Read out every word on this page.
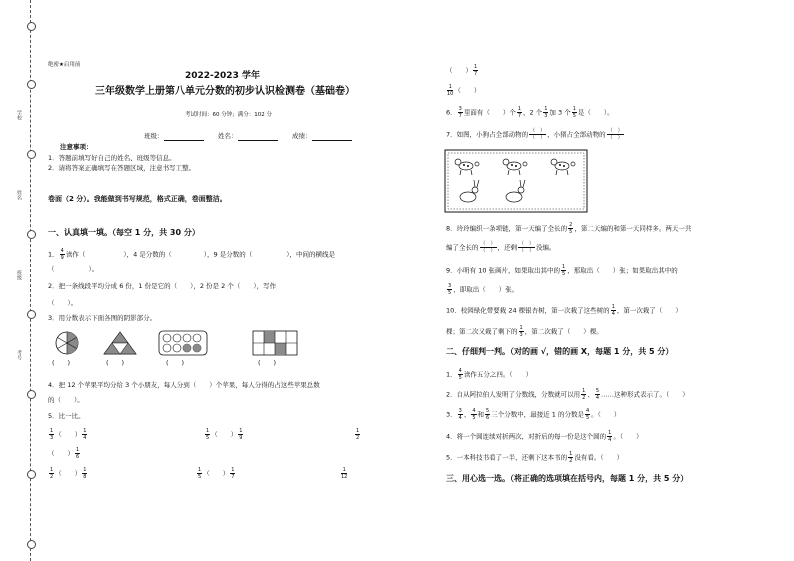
学校
姓名
班级
考号
绝密★启用前
2022-2023 学年
三年级数学上册第八单元分数的初步认识检测卷（基础卷）
考试时间：60 分钟；满分：102 分
班级：	姓名：	成绩：
注意事项：
1．答题前填写好自己的姓名、班级等信息。
2．请将答案正确填写在答题区域，注意书写工整。
卷面（2 分）。我能做到书写规范，格式正确，卷面整洁。
一、认真填一填。（每空 1 分，共 30 分）
1． $\frac{4}{9}$ 读作（	），4 是分数的（	），9 是分数的（	），中间的横线是
（	）。
2．把一条线段平均分成 6 份，1 份是它的（　　），2 份是 2 个（　　），写作
（　　）。
3．用分数表示下面各图的阴影部分。
(　　)	(　　)	(　　)	(　　)
4．把 12 个苹果平均分给 3 个小朋友，每人分到（　　）个苹果，每人分得的占这些苹果总数
的（　　）。
5．比一比。
$\frac{1}{3}$ （　　） $\frac{1}{4}$	$\frac{1}{5}$ （　　） $\frac{1}{9}$	$\frac{1}{2}$
（　　） $\frac{1}{6}$
$\frac{1}{2}$ （　　） $\frac{1}{8}$	$\frac{1}{5}$ （　　） $\frac{1}{7}$	$\frac{1}{12}$
（　　） $\frac{1}{7}$
$\frac{1}{10}$ （　　）
6． $\frac{3}{7}$ 里面有（　　）个 $\frac{1}{7}$ ，2 个 $\frac{1}{3}$ 加 3 个 $\frac{1}{5}$ 是（　　）。
7．如图，小狗占全部动物的 $\frac{( )}{( )}$ ，小猪占全部动物的 $\frac{( )}{( )}$
8．玲玲编织一条项链，第一天编了全长的 $\frac{2}{5}$ ，第二天编的和第一天同样多。两天一共
编了全长的 $\frac{( )}{( )}$ ，还剩 $\frac{( )}{( )}$ 没编。
9．小明有 10 张画片，如果取出其中的 $\frac{1}{5}$ ，那取出（　　）张；如果取出其中的
$\frac{3}{5}$ ，即取出（　　）张。
10．校园绿化带要栽 24 棵银杏树，第一次栽了这些树的 $\frac{1}{4}$ ，第一次栽了（　　）
棵；第二次又栽了剩下的 $\frac{1}{3}$ ，第二次栽了（　　）棵。
二、仔细判一判。（对的画 √，错的画 X，每题 1 分，共 5 分）
1． $\frac{4}{5}$ 读作五分之四。（　　）
2．自从阿拉伯人发明了分数线，分数就可以用 $\frac{1}{2}$ 、 $\frac{5}{4}$ ……这种形式表示了。（　　）
3． $\frac{3}{4}$ 、 $\frac{4}{5}$ 和 $\frac{5}{6}$ 三个分数中，最接近 1 的分数是 $\frac{4}{5}$ 。（　　）
4．将一个圆连续对折两次，对折后的每一份是这个圆的 $\frac{1}{4}$ 。（　　）
5．一本科技书看了一半，还剩下这本书的 $\frac{1}{2}$ 没有看。（　　）
三、用心选一选。（将正确的选项填在括号内，每题 1 分，共 5 分）
